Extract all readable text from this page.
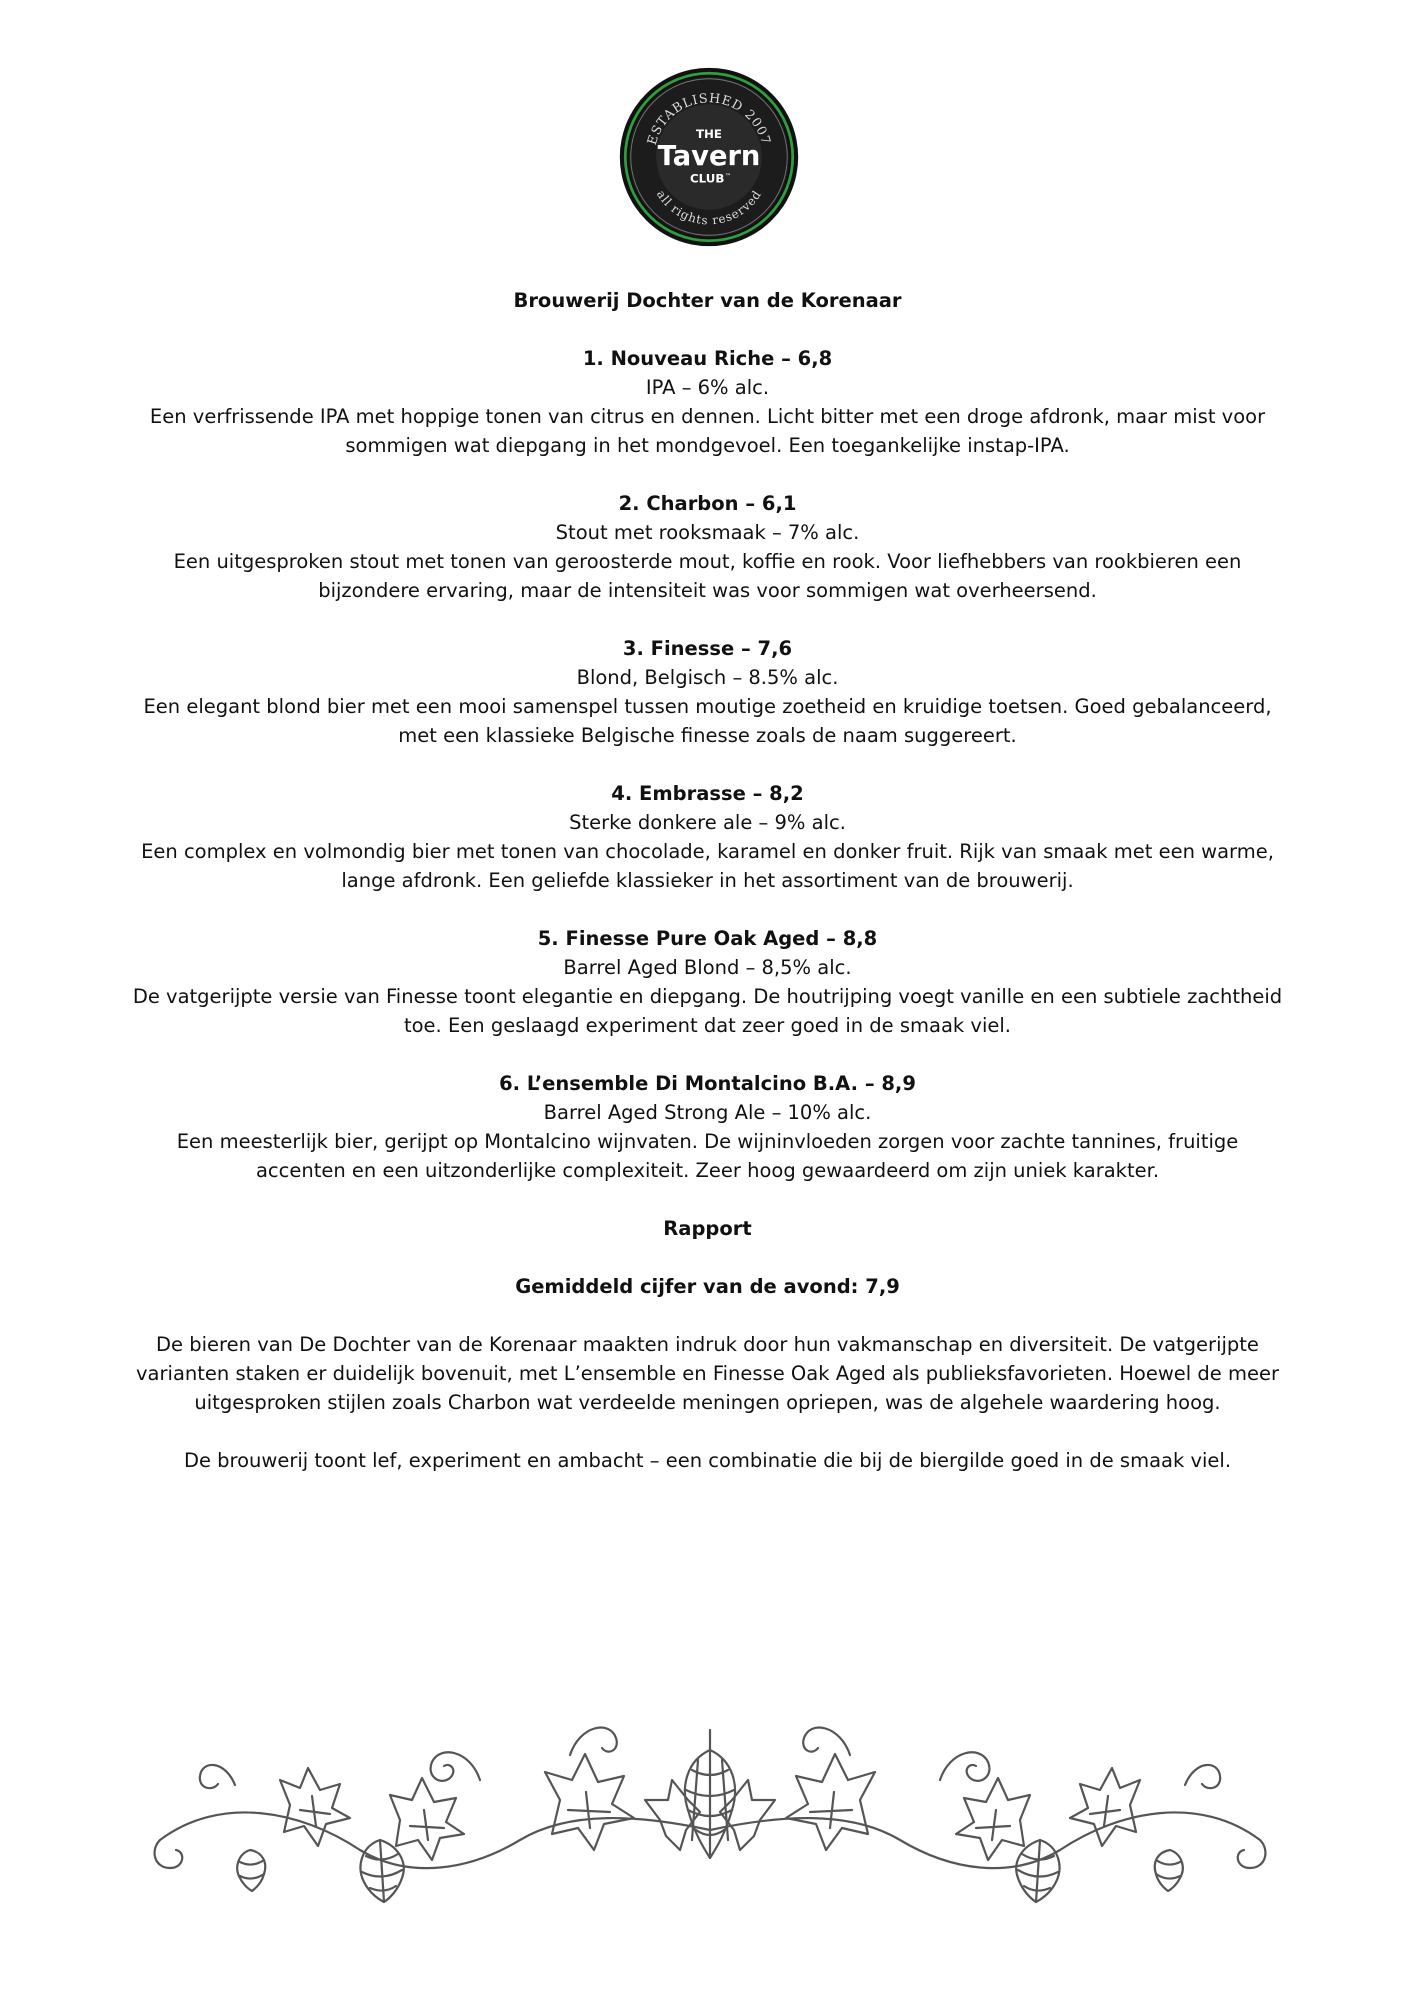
ESTABLISHED 2007
all rights reserved
THE
Tavern
CLUB ™
Brouwerij Dochter van de Korenaar
1. Nouveau Riche – 6,8
IPA – 6% alc.
Een verfrissende IPA met hoppige tonen van citrus en dennen. Licht bitter met een droge afdronk, maar mist voor sommigen wat diepgang in het mondgevoel. Een toegankelijke instap-IPA.
2. Charbon – 6,1
Stout met rooksmaak – 7% alc.
Een uitgesproken stout met tonen van geroosterde mout, koffie en rook. Voor liefhebbers van rookbieren een bijzondere ervaring, maar de intensiteit was voor sommigen wat overheersend.
3. Finesse – 7,6
Blond, Belgisch – 8.5% alc.
Een elegant blond bier met een mooi samenspel tussen moutige zoetheid en kruidige toetsen. Goed gebalanceerd, met een klassieke Belgische finesse zoals de naam suggereert.
4. Embrasse – 8,2
Sterke donkere ale – 9% alc.
Een complex en volmondig bier met tonen van chocolade, karamel en donker fruit. Rijk van smaak met een warme, lange afdronk. Een geliefde klassieker in het assortiment van de brouwerij.
5. Finesse Pure Oak Aged – 8,8
Barrel Aged Blond – 8,5% alc.
De vatgerijpte versie van Finesse toont elegantie en diepgang. De houtrijping voegt vanille en een subtiele zachtheid toe. Een geslaagd experiment dat zeer goed in de smaak viel.
6. L’ensemble Di Montalcino B.A. – 8,9
Barrel Aged Strong Ale – 10% alc.
Een meesterlijk bier, gerijpt op Montalcino wijnvaten. De wijninvloeden zorgen voor zachte tannines, fruitige accenten en een uitzonderlijke complexiteit. Zeer hoog gewaardeerd om zijn uniek karakter.
Rapport
Gemiddeld cijfer van de avond: 7,9
De bieren van De Dochter van de Korenaar maakten indruk door hun vakmanschap en diversiteit. De vatgerijpte varianten staken er duidelijk bovenuit, met L’ensemble en Finesse Oak Aged als publieksfavorieten. Hoewel de meer uitgesproken stijlen zoals Charbon wat verdeelde meningen opriepen, was de algehele waardering hoog.
De brouwerij toont lef, experiment en ambacht – een combinatie die bij de biergilde goed in de smaak viel.
